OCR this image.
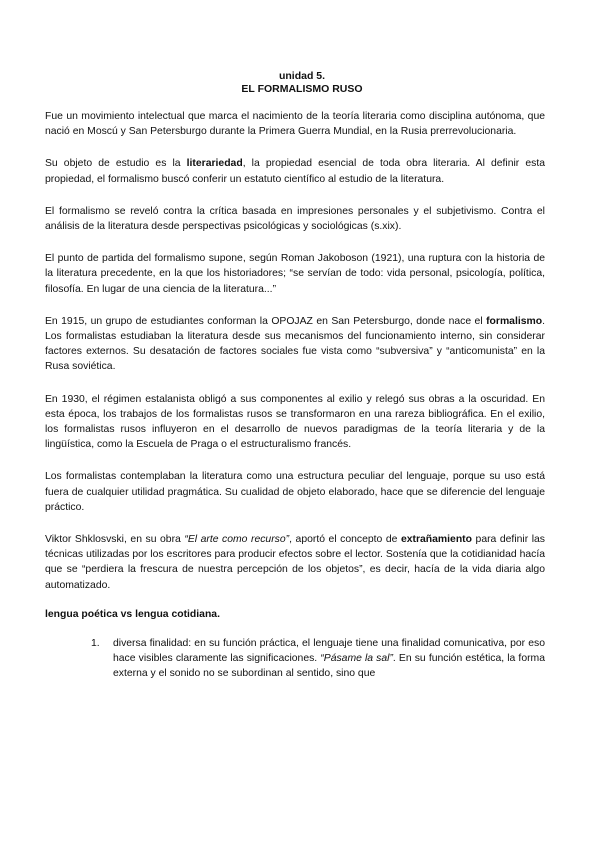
unidad 5.
EL FORMALISMO RUSO

Fue un movimiento intelectual que marca el nacimiento de la teoría literaria como disciplina autónoma, que nació en Moscú y San Petersburgo durante la Primera Guerra Mundial, en la Rusia prerrevolucionaria.

Su objeto de estudio es la literariedad, la propiedad esencial de toda obra literaria. Al definir esta propiedad, el formalismo buscó conferir un estatuto científico al estudio de la literatura.

El formalismo se reveló contra la crítica basada en impresiones personales y el subjetivismo. Contra el análisis de la literatura desde perspectivas psicológicas y sociológicas (s.xix).

El punto de partida del formalismo supone, según Roman Jakoboson (1921), una ruptura con la historia de la literatura precedente, en la que los historiadores; “se servían de todo: vida personal, psicología, política, filosofía. En lugar de una ciencia de la literatura...”

En 1915, un grupo de estudiantes conforman la OPOJAZ en San Petersburgo, donde nace el formalismo. Los formalistas estudiaban la literatura desde sus mecanismos del funcionamiento interno, sin considerar factores externos. Su desatación de factores sociales fue vista como “subversiva” y “anticomunista” en la Rusa soviética.

En 1930, el régimen estalanista obligó a sus componentes al exilio y relegó sus obras a la oscuridad. En esta época, los trabajos de los formalistas rusos se transformaron en una rareza bibliográfica. En el exilio, los formalistas rusos influyeron en el desarrollo de nuevos paradigmas de la teoría literaria y de la lingüística, como la Escuela de Praga o el estructuralismo francés.

Los formalistas contemplaban la literatura como una estructura peculiar del lenguaje, porque su uso está fuera de cualquier utilidad pragmática. Su cualidad de objeto elaborado, hace que se diferencie del lenguaje práctico.

Viktor Shklosvski, en su obra “El arte como recurso”, aportó el concepto de extrañamiento para definir las técnicas utilizadas por los escritores para producir efectos sobre el lector. Sostenía que la cotidianidad hacía que se “perdiera la frescura de nuestra percepción de los objetos”, es decir, hacía de la vida diaria algo automatizado.

lengua poética vs lengua cotidiana.
1. diversa finalidad: en su función práctica, el lenguaje tiene una finalidad comunicativa, por eso hace visibles claramente las significaciones. “Pásame la sal”. En su función estética, la forma externa y el sonido no se subordinan al sentido, sino que
